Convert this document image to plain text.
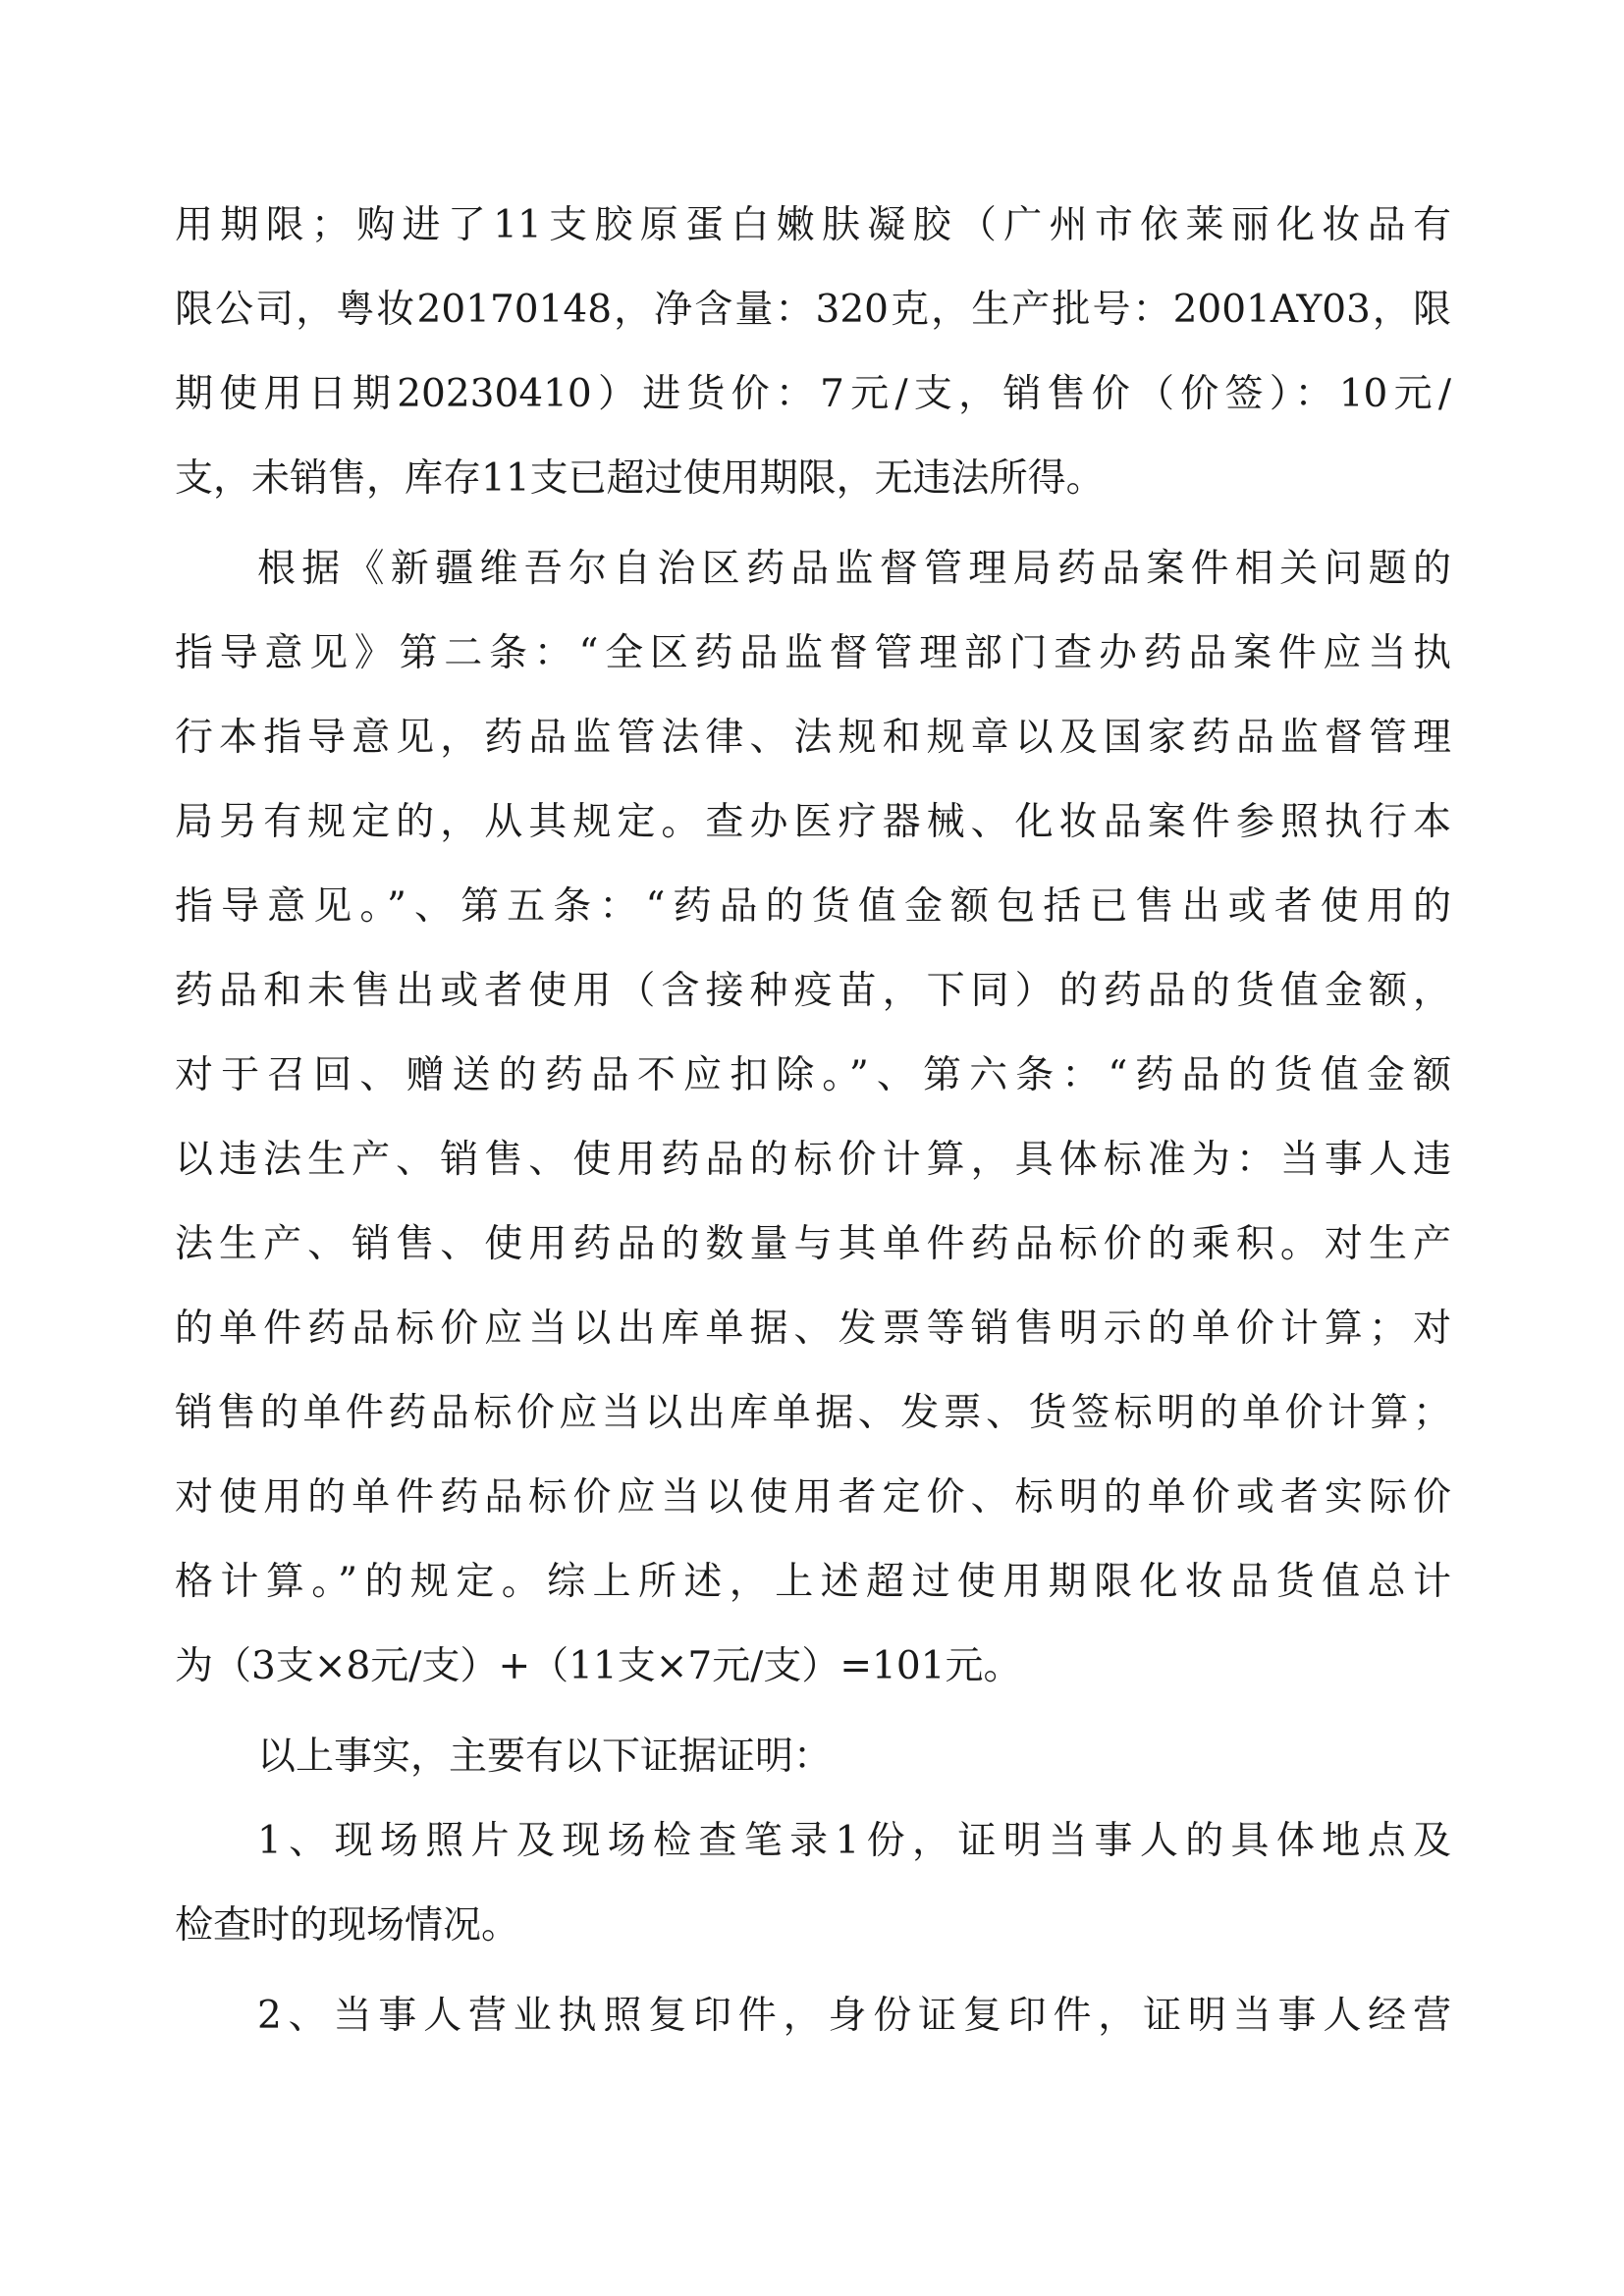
用期限；购进了11支胶原蛋白嫩肤凝胶（广州市依莱丽化妆品有
限公司，粤妆20170148，净含量：320克，生产批号：2001AY03，限
期使用日期20230410）进货价：7元/支，销售价（价签）：10元/
支，未销售，库存11支已超过使用期限，无违法所得。
根据《新疆维吾尔自治区药品监督管理局药品案件相关问题的
指导意见》第二条：“全区药品监督管理部门查办药品案件应当执
行本指导意见，药品监管法律、法规和规章以及国家药品监督管理
局另有规定的，从其规定。查办医疗器械、化妆品案件参照执行本
指导意见。”、第五条：“药品的货值金额包括已售出或者使用的
药品和未售出或者使用（含接种疫苗，下同）的药品的货值金额，
对于召回、赠送的药品不应扣除。”、第六条：“药品的货值金额
以违法生产、销售、使用药品的标价计算，具体标准为：当事人违
法生产、销售、使用药品的数量与其单件药品标价的乘积。对生产
的单件药品标价应当以出库单据、发票等销售明示的单价计算；对
销售的单件药品标价应当以出库单据、发票、货签标明的单价计算；
对使用的单件药品标价应当以使用者定价、标明的单价或者实际价
格计算。”的规定。综上所述，上述超过使用期限化妆品货值总计
为（3支×8元/支）+（11支×7元/支）=101元。
以上事实，主要有以下证据证明：
1、现场照片及现场检查笔录1份，证明当事人的具体地点及
检查时的现场情况。
2、当事人营业执照复印件，身份证复印件，证明当事人经营
